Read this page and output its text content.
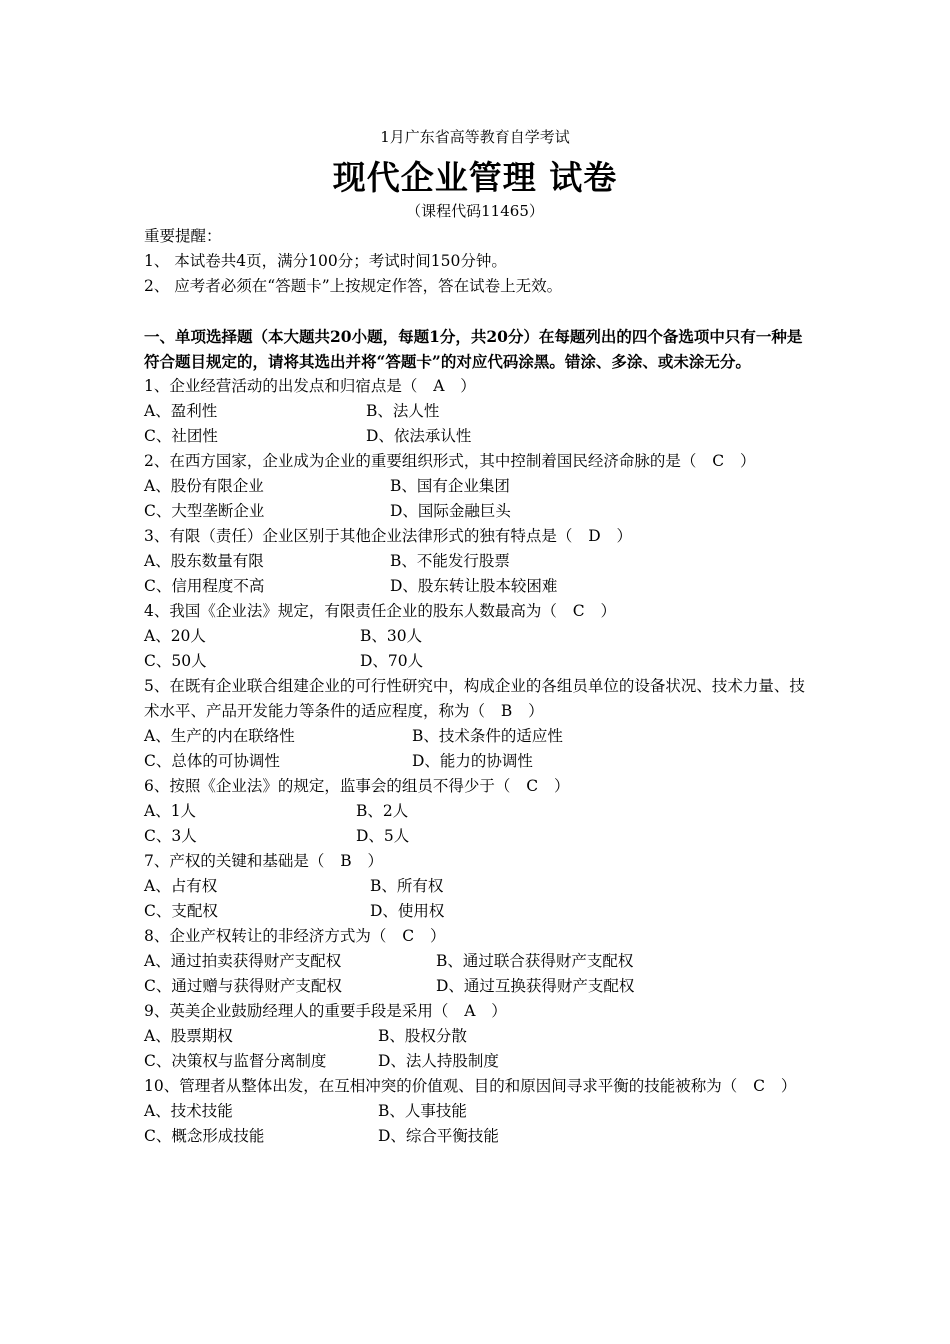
1月广东省高等教育自学考试
现代企业管理 试卷
（课程代码11465）
重要提醒：
1、 本试卷共4页，满分100分；考试时间150分钟。
2、 应考者必须在“答题卡”上按规定作答，答在试卷上无效。
一、单项选择题（本大题共20小题，每题1分，共20分）在每题列出的四个备选项中只有一种是符合题目规定的，请将其选出并将“答题卡”的对应代码涂黑。错涂、多涂、或未涂无分。
1、企业经营活动的出发点和归宿点是（  A  ）
A、盈利性	B、法人性
C、社团性	D、依法承认性
2、在西方国家，企业成为企业的重要组织形式，其中控制着国民经济命脉的是（  C  ）
A、股份有限企业	B、国有企业集团
C、大型垄断企业	D、国际金融巨头
3、有限（责任）企业区别于其他企业法律形式的独有特点是（  D  ）
A、股东数量有限	B、不能发行股票
C、信用程度不高	D、股东转让股本较困难
4、我国《企业法》规定，有限责任企业的股东人数最高为（  C  ）
A、20人	B、30人
C、50人	D、70人
5、在既有企业联合组建企业的可行性研究中，构成企业的各组员单位的设备状况、技术力量、技术水平、产品开发能力等条件的适应程度，称为（  B  ）
A、生产的内在联络性	B、技术条件的适应性
C、总体的可协调性	D、能力的协调性
6、按照《企业法》的规定，监事会的组员不得少于（  C  ）
A、1人	B、2人
C、3人	D、5人
7、产权的关键和基础是（  B  ）
A、占有权	B、所有权
C、支配权	D、使用权
8、企业产权转让的非经济方式为（  C  ）
A、通过拍卖获得财产支配权	B、通过联合获得财产支配权
C、通过赠与获得财产支配权	D、通过互换获得财产支配权
9、英美企业鼓励经理人的重要手段是采用（  A  ）
A、股票期权	B、股权分散
C、决策权与监督分离制度	D、法人持股制度
10、管理者从整体出发，在互相冲突的价值观、目的和原因间寻求平衡的技能被称为（  C  ）
A、技术技能	B、人事技能
C、概念形成技能	D、综合平衡技能
